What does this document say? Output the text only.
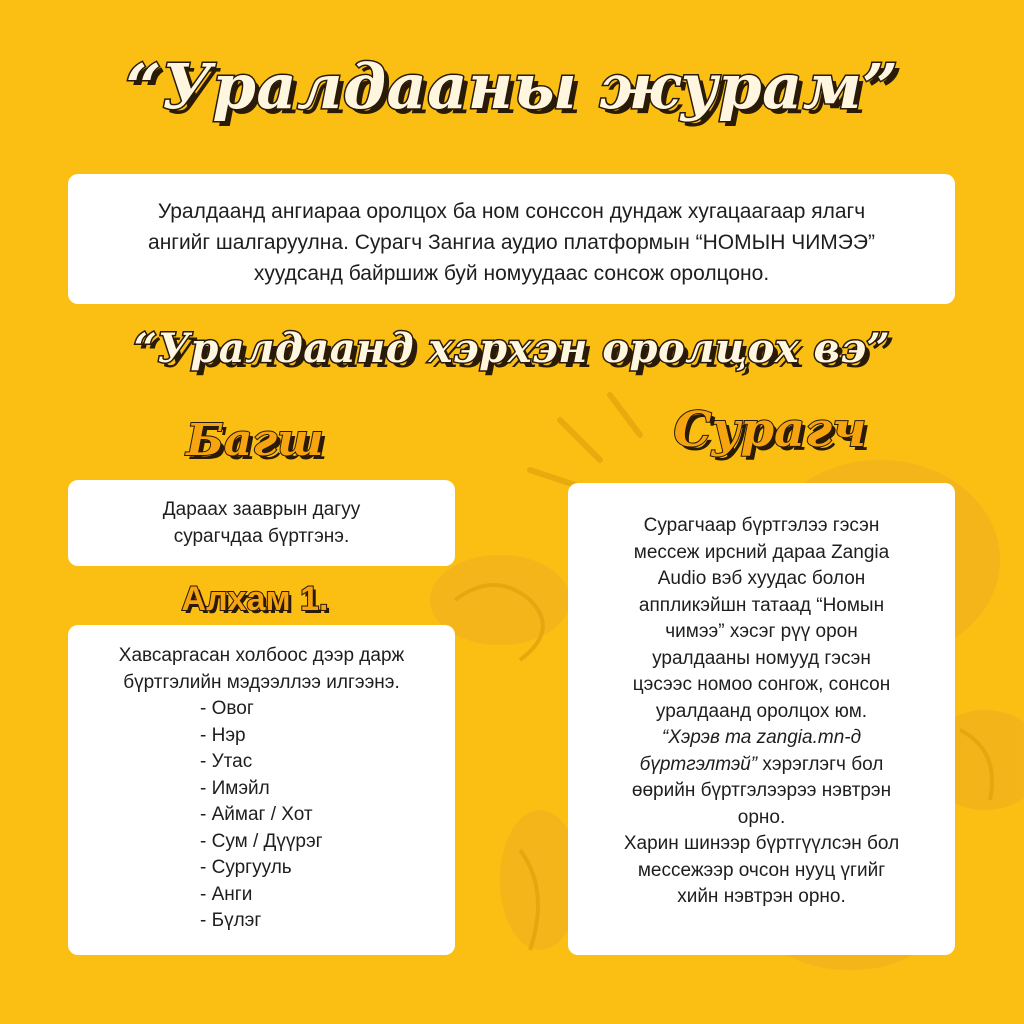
“Уралдааны журам”
Уралдаанд ангиараа оролцох ба ном сонссон дундаж хугацаагаар ялагч
ангийг шалгаруулна. Сурагч Зангиа аудио платформын “НОМЫН ЧИМЭЭ”
хуудсанд байршиж буй номуудаас сонсож оролцоно.
“Уралдаанд хэрхэн оролцох вэ”
Багш	Сурагч
Дараах зааврын дагуу
сурагчдаа бүртгэнэ.
Алхам 1.
Хавсаргасан холбоос дээр дарж
бүртгэлийн мэдээллээ илгээнэ.
- Овог
- Нэр
- Утас
- Имэйл
- Аймаг / Хот
- Сум / Дүүрэг
- Сургууль
- Анги
- Бүлэг
Сурагчаар бүртгэлээ гэсэн
мессеж ирсний дараа Zangia
Audio вэб хуудас болон
аппликэйшн татаад “Номын
чимээ” хэсэг рүү орон
уралдааны номууд гэсэн
цэсээс номоо сонгож, сонсон
уралдаанд оролцох юм.
“Хэрэв та zangia.mn-д
бүртгэлтэй” хэрэглэгч бол
өөрийн бүртгэлээрээ нэвтрэн
орно.
Харин шинээр бүртгүүлсэн бол
мессежээр очсон нууц үгийг
хийн нэвтрэн орно.
